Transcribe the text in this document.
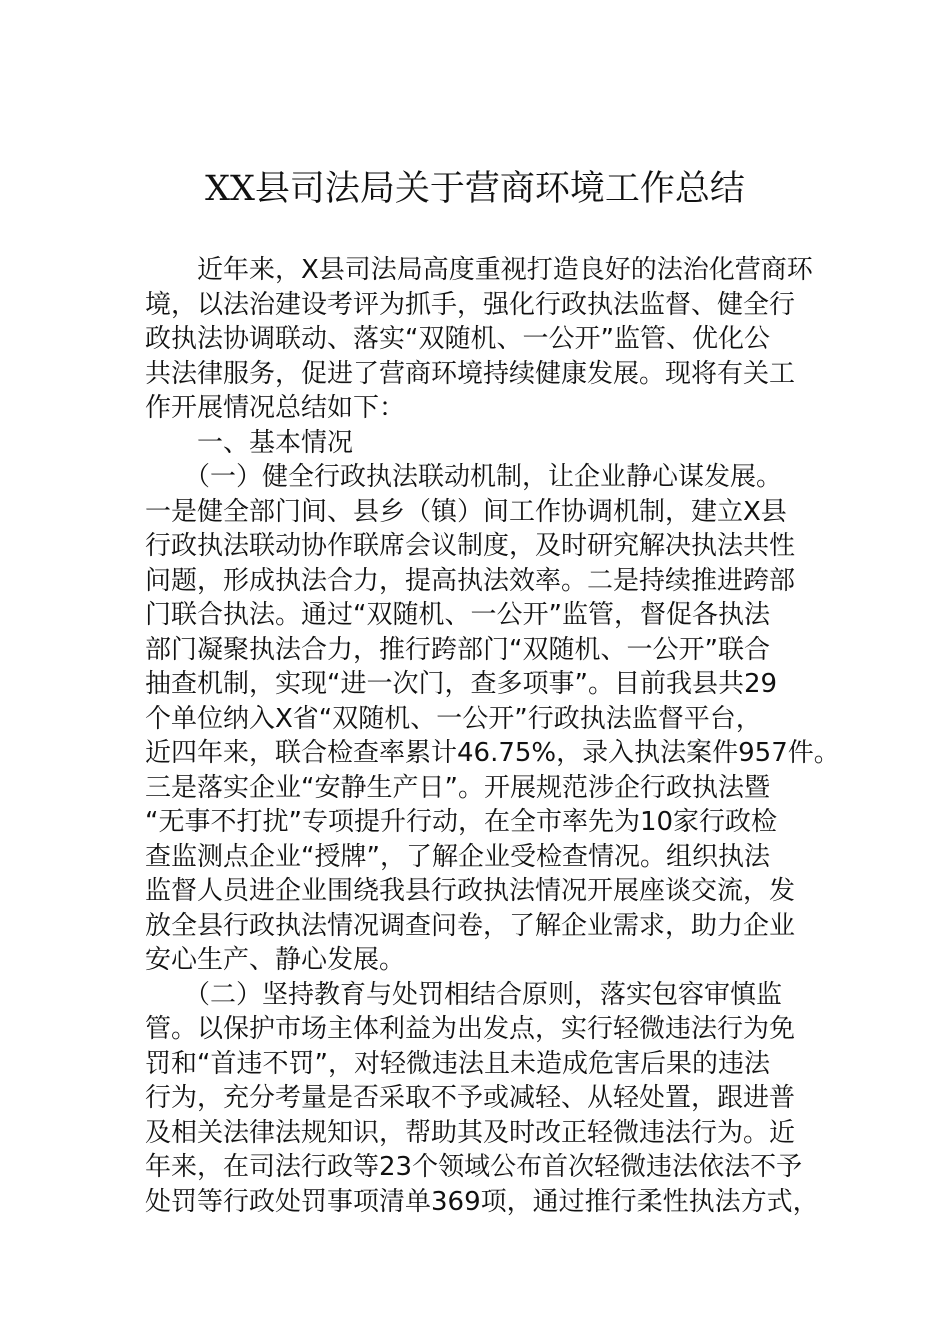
XX县司法局关于营商环境工作总结
　　近年来，X县司法局高度重视打造良好的法治化营商环
境，以法治建设考评为抓手，强化行政执法监督、健全行
政执法协调联动、落实“双随机、一公开”监管、优化公
共法律服务，促进了营商环境持续健康发展。现将有关工
作开展情况总结如下：
　　一、基本情况
　　（一）健全行政执法联动机制，让企业静心谋发展。
一是健全部门间、县乡（镇）间工作协调机制，建立X县
行政执法联动协作联席会议制度，及时研究解决执法共性
问题，形成执法合力，提高执法效率。二是持续推进跨部
门联合执法。通过“双随机、一公开”监管，督促各执法
部门凝聚执法合力，推行跨部门“双随机、一公开”联合
抽查机制，实现“进一次门，查多项事”。目前我县共29
个单位纳入X省“双随机、一公开”行政执法监督平台，
近四年来，联合检查率累计46.75%，录入执法案件957件。
三是落实企业“安静生产日”。开展规范涉企行政执法暨
“无事不打扰”专项提升行动，在全市率先为10家行政检
查监测点企业“授牌”，了解企业受检查情况。组织执法
监督人员进企业围绕我县行政执法情况开展座谈交流，发
放全县行政执法情况调查问卷，了解企业需求，助力企业
安心生产、静心发展。
　　（二）坚持教育与处罚相结合原则，落实包容审慎监
管。以保护市场主体利益为出发点，实行轻微违法行为免
罚和“首违不罚”，对轻微违法且未造成危害后果的违法
行为，充分考量是否采取不予或减轻、从轻处置，跟进普
及相关法律法规知识，帮助其及时改正轻微违法行为。近
年来，在司法行政等23个领域公布首次轻微违法依法不予
处罚等行政处罚事项清单369项，通过推行柔性执法方式，
